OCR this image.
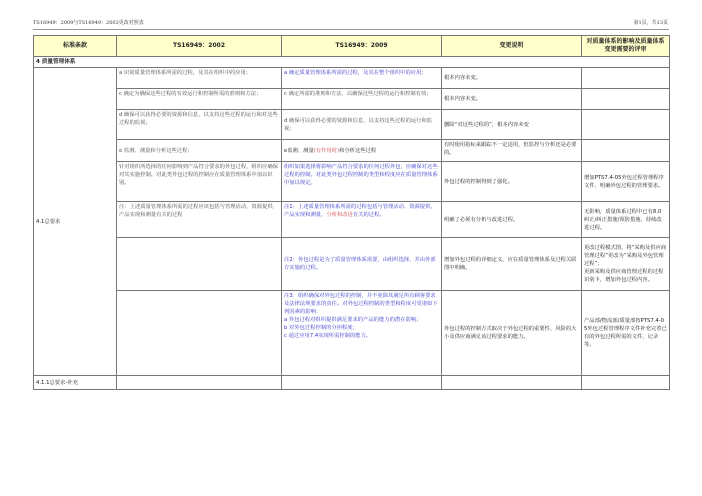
TS16949：2009与TS16949：2002更改对照表	第1页，共13页
标准条款	TS16949：2002	TS16949：2009	变更说明	对质量体系的影响及质量体系变更需要的评审
4 质量管理体系				
4.1总要求	a 识别质量管理体系所需的过程，及其在组织中的应用；	a 确定质量管理体系所需的过程，及其在整个组织中的应用；	根本内容未变。	
	c 确定为确保这些过程的有效运行和控制所需的准则和方法；	c 确定所需的准则和方法，以确保这些过程的运行和控制有效；	根本内容未变。	
	d 确保可以获得必要的资源和信息，以支持这些过程的运行和对这些过程的监视；	d 确保可以获得必要的资源和信息，以支持这些过程的运行和监视；	删除“对这些过程的”，根本内容未变	
	e 监测、测量和分析这些过程；	e监测、测量(有作用时)和分析这些过程	有时使用指标来跟踪不一定适用，但监控与分析还是必要的。	
	针对组织所选择的任何影响到产品符合要求的外包过程，组织应确保对其实施控制。对此类外包过程的控制应在质量管理体系中加以识别。	组织如果选择将影响产品符合要求的任何过程外包，应确保对这些过程的控制。对此类外包过程控制的类型和程度应在质量管理体系中加以规定。	外包过程的控制得到了强化。	增加PTS7.4-05外包过程管理程序文件，明确外包过程的管理要求。
	注：上述质量管理体系所需的过程应该包括与管理活动、资源提供、产品实现和测量有关的过程	注1：上述质量管理体系所需的过程包括与管理活动、资源提供、产品实现和测量、分析和改进有关的过程。	明确了必须有分析与改进过程。	无影响，质量体系过程中已有8.0 纠正/纠正措施/预防措施、持续改进过程。
		注2：外包过程是为了质量管理体系需要，由组织选择，并由外部方实施的过程。	增加外包过程的详细定义，应在质量管理体系及过程关联图中明确。	更改过程模式图，将“采购及供应商管理过程”更改为“采购及外包管理过程”；
更新采购及供应商管理过程的过程识别卡，增加外包过程内容。

		注3：组织确保对外包过程的控制，并不免除其满足所有顾客要求及法律法规要求的责任。对外包过程控制的类型和程度可受诸如下列因素的影响：
a 外包过程对组织提供满足要求的产品的能力的潜在影响；
b 对外包过程控制的分担程度；
c 通过应用7.4实现所需控制的能力。	外包过程的控制方式取决于外包过程的重要性、风险的大小及供应商满足该过程要求的能力。	产品部/物流部/质量部按PTS7.4-05外包过程管理程序文件补充完善已有的外包过程所需的文件、记录等。
4.1.1总要求-补充				
